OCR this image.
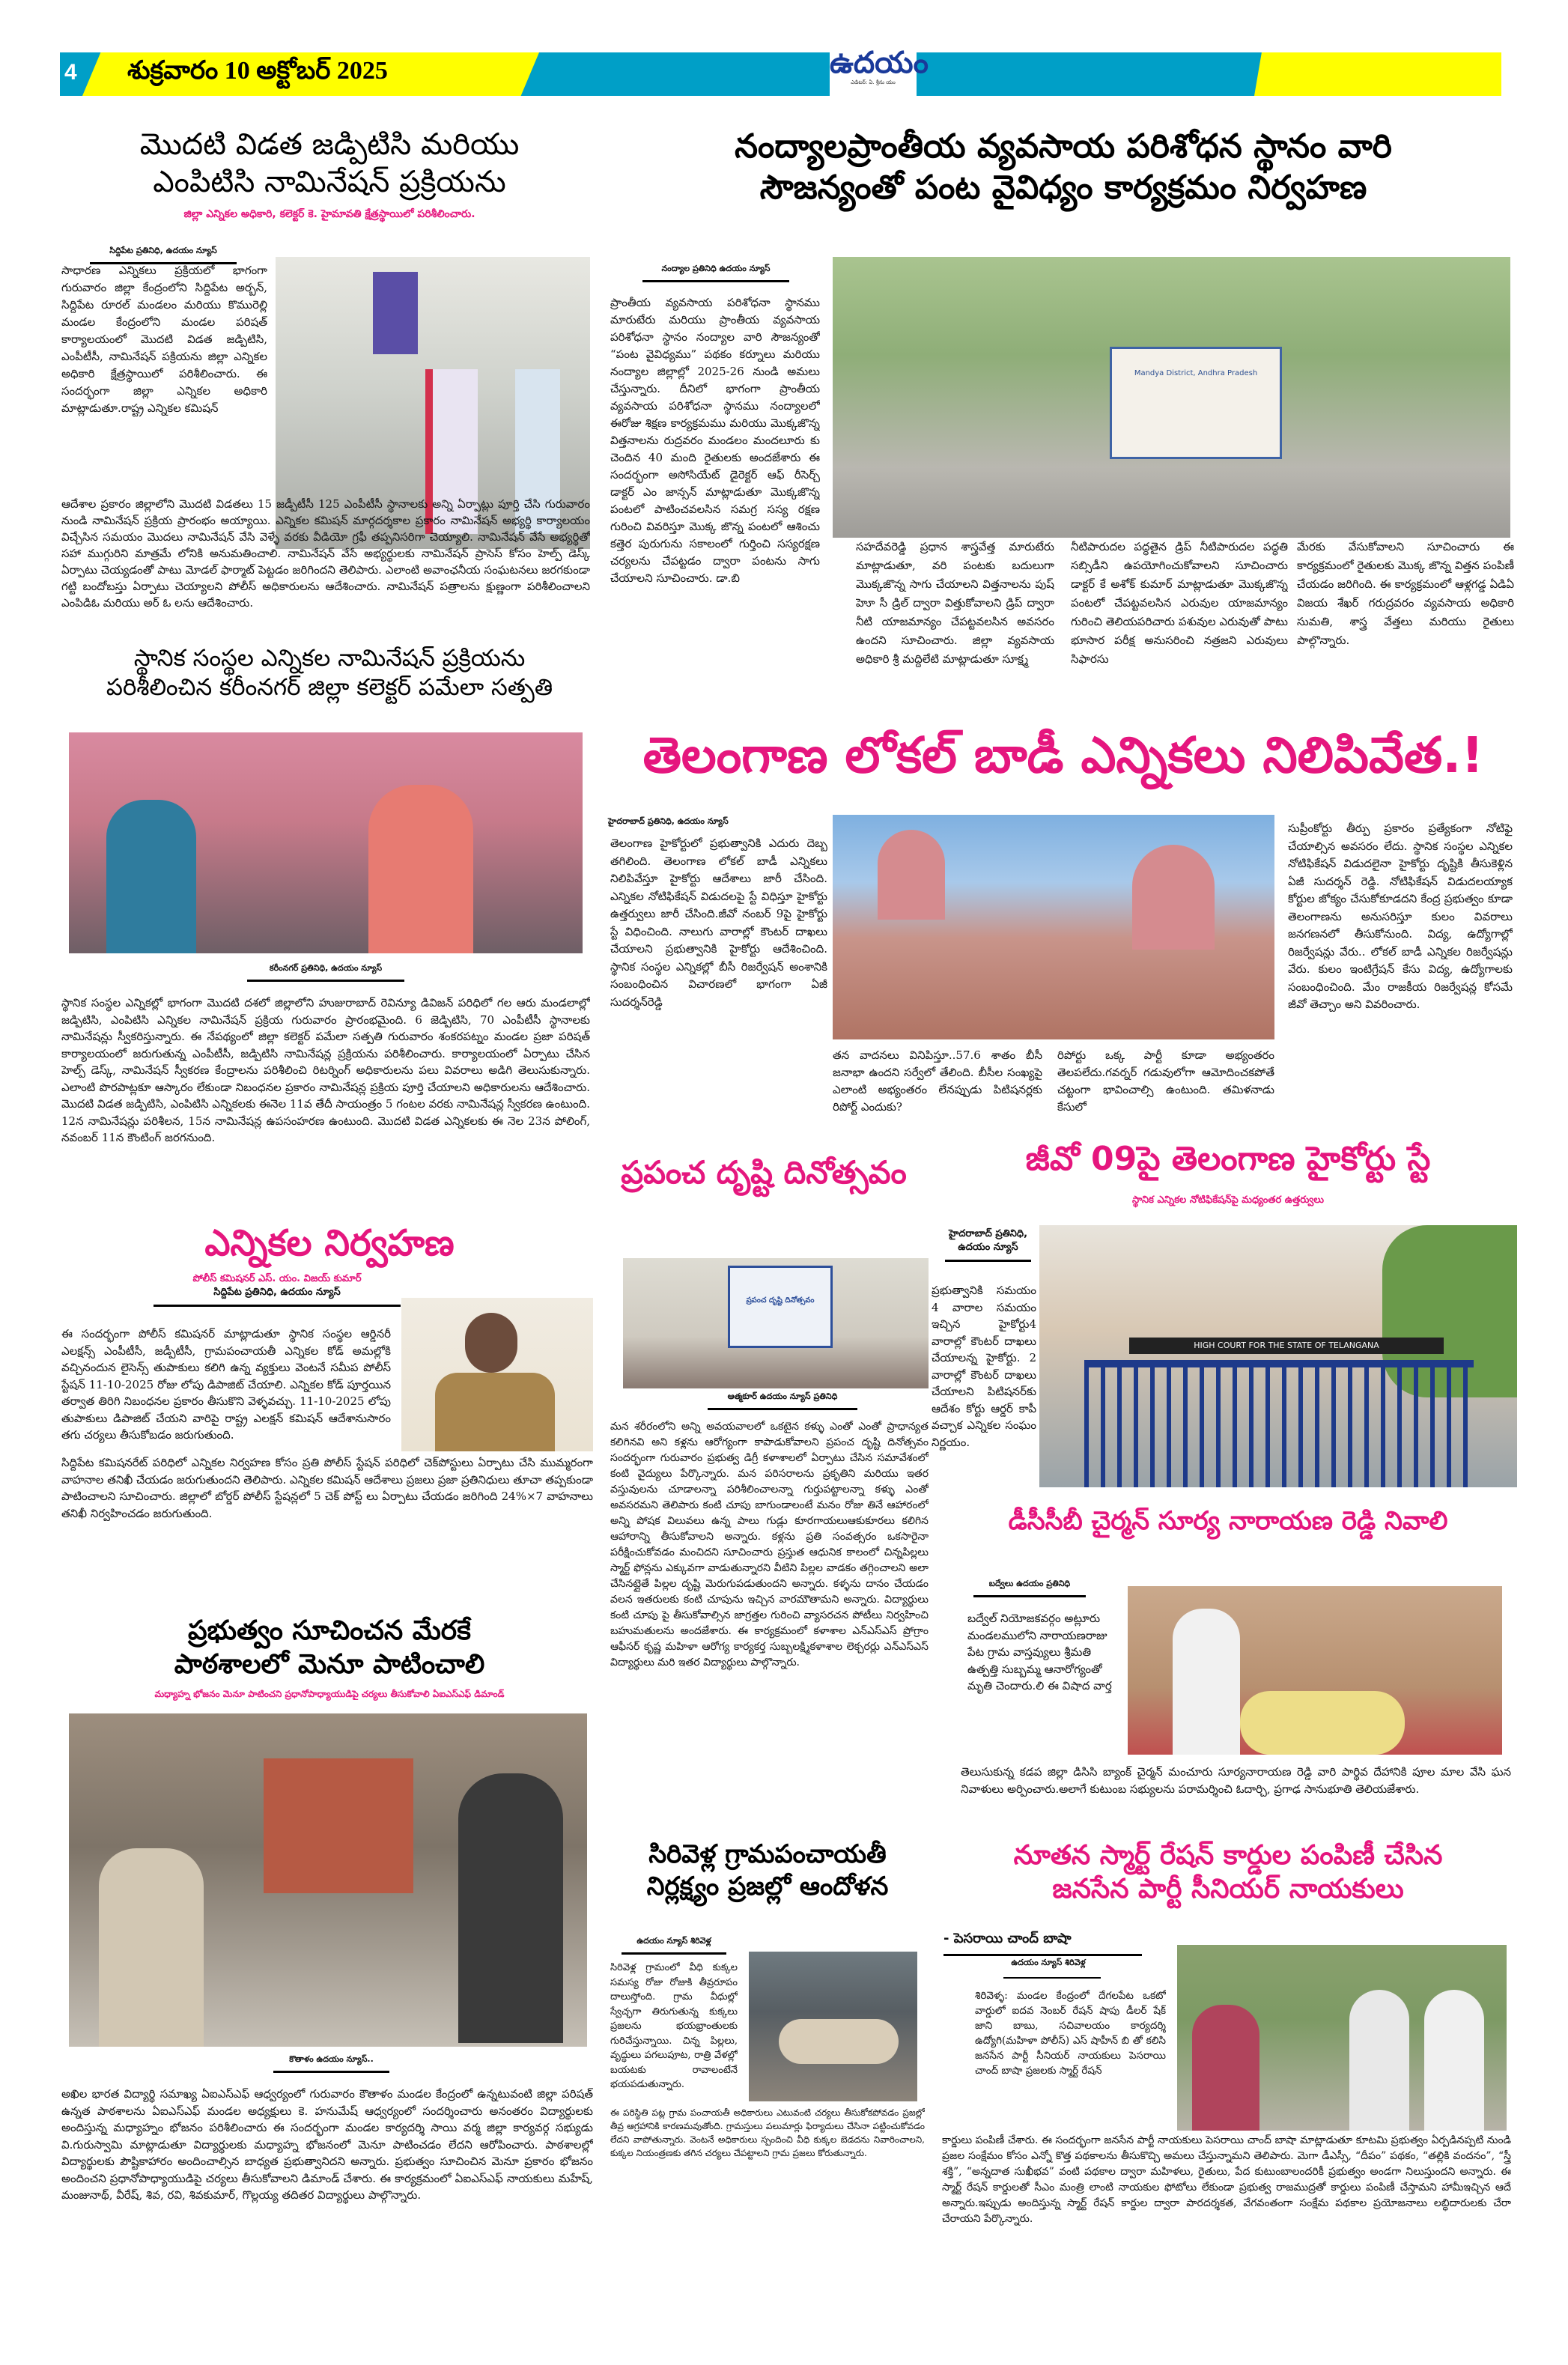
4 శుక్రవారం 10 అక్టోబర్ 2025	ఉదయం
ఎడిటర్: ఏ. శ్రీను యం
మొదటి విడత జడ్పిటిసి మరియు
ఎంపిటిసి నామినేషన్ ప్రక్రియను
జిల్లా ఎన్నికల అధికారి, కలెక్టర్ కె. హైమావతి క్షేత్రస్థాయిలో పరిశీలించారు.
సిద్దిపేట ప్రతినిధి, ఉదయం న్యూస్
సాధారణ ఎన్నికలు ప్రక్రియలో భాగంగా గురువారం జిల్లా కేంద్రంలోని సిద్దిపేట అర్బన్, సిద్దిపేట రూరల్ మండలం మరియు కొమురెల్లి మండల కేంద్రంలోని మండల పరిషత్ కార్యాలయంలో మొదటి విడత జడ్పిటిసి, ఎంపీటీసీ, నామినేషన్ పక్రియను జిల్లా ఎన్నికల అధికారి క్షేత్రస్థాయిలో పరిశీలించారు. ఈ సందర్భంగా జిల్లా ఎన్నికల అధికారి మాట్లాడుతూ.రాష్ట్ర ఎన్నికల కమిషన్
ఆదేశాల ప్రకారం జిల్లాలోని మొదటి విడతలు 15 జడ్పీటీసీ 125 ఎంపీటీసీ స్థానాలకు అన్ని ఏర్పాట్లు పూర్తి చేసి గురువారం నుండి నామినేషన్ ప్రక్రియ ప్రారంభం అయ్యాయి. ఎన్నికల కమిషన్ మార్గదర్శకాల ప్రకారం నామినేషన్ అభ్యర్థి కార్యాలయం విచ్చేసిన సమయం మొదలు నామినేషన్ వేసి వెళ్ళే వరకు వీడియో గ్రఫీ తప్పనిసరిగా చెయ్యాలి. నామినేషన్ వేసే అభ్యర్థితో సహా ముగ్గురిని మాత్రమే లోనికి అనుమతించాలి. నామినేషన్ వేసే అభ్యర్థులకు నామినేషన్ ప్రాసెస్ కోసం హెల్ప్ డెస్క్ ఏర్పాటు చెయ్యడంతో పాటు మోడల్ ఫార్మాట్ పెట్టడం జరిగిందని తెలిపారు. ఎలాంటి అవాంఛనీయ సంఘటనలు జరగకుండా గట్టి బందోబస్తు ఏర్పాటు చెయ్యాలని పోలీస్ అధికారులను ఆదేశించారు. నామినేషన్ పత్రాలను క్షుణ్ణంగా పరిశీలించాలని ఎంపిడిఓ మరియు అర్ ఓ లను ఆదేశించారు.
స్థానిక సంస్థల ఎన్నికల నామినేషన్ ప్రక్రియను
పరిశీలించిన కరీంనగర్ జిల్లా కలెక్టర్ పమేలా సత్పతి
కరీంనగర్ ప్రతినిధి, ఉదయం న్యూస్
స్థానిక సంస్థల ఎన్నికల్లో భాగంగా మొదటి దశలో జిల్లాలోని హుజురాబాద్ రెవిన్యూ డివిజన్ పరిధిలో గల ఆరు మండలాల్లో జడ్పిటిసి, ఎంపిటిసి ఎన్నికల నామినేషన్ ప్రక్రియ గురువారం ప్రారంభమైంది. 6 జెడ్పిటిసి, 70 ఎంపీటీసీ స్థానాలకు నామినేషన్లు స్వీకరిస్తున్నారు. ఈ నేపథ్యంలో జిల్లా కలెక్టర్ పమేలా సత్పతి గురువారం శంకరపట్నం మండల ప్రజా పరిషత్ కార్యాలయంలో జరుగుతున్న ఎంపీటీసీ, జడ్పిటిసి నామినేషన్ల ప్రక్రియను పరిశీలించారు. కార్యాలయంలో ఏర్పాటు చేసిన హెల్ప్ డెస్క్, నామినేషన్ స్వీకరణ కేంద్రాలను పరిశీలించి రిటర్నింగ్ అధికారులను పలు వివరాలు అడిగి తెలుసుకున్నారు. ఎలాంటి పొరపాట్లకూ ఆస్కారం లేకుండా నిబంధనల ప్రకారం నామినేషన్ల ప్రక్రియ పూర్తి చేయాలని అధికారులను ఆదేశించారు. మొదటి విడత జడ్పిటిసి, ఎంపిటిసి ఎన్నికలకు ఈనెల 11వ తేదీ సాయంత్రం 5 గంటల వరకు నామినేషన్ల స్వీకరణ ఉంటుంది. 12న నామినేషన్లు పరిశీలన, 15న నామినేషన్ల ఉపసంహరణ ఉంటుంది. మొదటి విడత ఎన్నికలకు ఈ నెల 23న పోలింగ్, నవంబర్ 11న కౌంటింగ్ జరగనుంది.
నంద్యాలప్రాంతీయ వ్యవసాయ పరిశోధన స్థానం వారి
సౌజన్యంతో పంట వైవిధ్యం కార్యక్రమం నిర్వహణ
నంద్యాల ప్రతినిధి ఉదయం న్యూస్
ప్రాంతీయ వ్యవసాయ పరిశోధనా స్థానము మారుటేరు మరియు ప్రాంతీయ వ్యవసాయ పరిశోధనా స్థానం నంద్యాల వారి సౌజన్యంతో “పంట వైవిధ్యము” పథకం కర్నూలు మరియు నంద్యాల జిల్లాల్లో 2025-26 నుండి అమలు చేస్తున్నారు. దీనిలో భాగంగా ప్రాంతీయ వ్యవసాయ పరిశోధనా స్థానము నంద్యాలలో ఈరోజు శిక్షణ కార్యక్రమము మరియు మొక్కజొన్న విత్తనాలను రుద్రవరం మండలం మందలూరు కు చెందిన 40 మంది రైతులకు అందజేశారు ఈ సందర్భంగా అసోసియేట్ డైరెక్టర్ ఆఫ్ రీసెర్చ్ డాక్టర్ ఎం జాన్సన్ మాట్లాడుతూ మొక్కజొన్న పంటలో పాటించవలసిన సమగ్ర సస్య రక్షణ గురించి వివరిస్తూ మొక్క జొన్న పంటలో ఆశించు కత్తెర పురుగును సకాలంలో గుర్తించి సస్యరక్షణ చర్యలను చేపట్టడం ద్వారా పంటను సాగు చేయాలని సూచించారు. డా.బి
Mandya District, Andhra Pradesh
సహదేవరెడ్డి ప్రధాన శాస్త్రవేత్త మారుటేరు మాట్లాడుతూ, వరి పంటకు బదులుగా మొక్కజొన్న సాగు చేయాలని విత్తనాలను పుష్ హెూ సీ డ్రిల్ ద్వారా విత్తుకోవాలని డ్రిప్ ద్వారా నీటి యాజమాన్యం చేపట్టవలసిన అవసరం ఉందని సూచించారు. జిల్లా వ్యవసాయ అధికారి శ్రీ మద్దిలేటి మాట్లాడుతూ సూక్ష్మ
నీటిపారుదల పద్ధతైన డ్రిప్ నీటిపారుదల పద్ధతి సబ్సిడీని ఉపయోగించుకోవాలని సూచించారు డాక్టర్ కే అశోక్ కుమార్ మాట్లాడుతూ మొక్కజొన్న పంటలో చేపట్టవలసిన ఎరువుల యాజమాన్యం గురించి తెలియపరిచారు పశువుల ఎరువుతో పాటు భూసార పరీక్ష అనుసరించి నత్రజని ఎరువులు సిఫారసు
మేరకు వేసుకోవాలని సూచించారు ఈ కార్యక్రమంలో రైతులకు మొక్క జొన్న విత్తన పంపిణీ చేయడం జరిగింది. ఈ కార్యక్రమంలో ఆళ్లగడ్డ ఏడిఏ విజయ శేఖర్ గరుద్రవరం వ్యవసాయ అధికారి సుమతి, శాస్త్ర వేత్తలు మరియు రైతులు పాల్గొన్నారు.
తెలంగాణ లోకల్ బాడీ ఎన్నికలు నిలిపివేత.!
హైదరాబాద్ ప్రతినిధి, ఉదయం న్యూస్
తెలంగాణ హైకోర్టులో ప్రభుత్వానికి ఎదురు దెబ్బ తగిలింది. తెలంగాణ లోకల్ బాడీ ఎన్నికలు నిలిపివేస్తూ హైకోర్టు ఆదేశాలు జారీ చేసింది. ఎన్నికల నోటిఫికేషన్ విడుదలపై స్టే విధిస్తూ హైకోర్టు ఉత్తర్వులు జారీ చేసింది.జీవో నంబర్ 9పై హైకోర్టు స్టే విధించింది. నాలుగు వారాల్లో కౌంటర్ దాఖలు చేయాలని ప్రభుత్వానికి హైకోర్టు ఆదేశించింది. స్థానిక సంస్థల ఎన్నికల్లో బీసీ రిజర్వేషన్ అంశానికి సంబంధించిన విచారణలో భాగంగా ఏజీ సుదర్శన్‌రెడ్డి
తన వాదనలు వినిపిస్తూ..57.6 శాతం బీసీ జనాభా ఉందని సర్వేలో తేలింది. బీసీల సంఖ్యపై ఎలాంటి అభ్యంతరం లేనప్పుడు పిటిషనర్లకు రిపోర్ట్ ఎందుకు?
రిపోర్టు ఒక్క పార్టీ కూడా అభ్యంతరం తెలపలేదు.గవర్నర్ గడువులోగా ఆమోదించకపోతే చట్టంగా భావించాల్సి ఉంటుంది. తమిళనాడు కేసులో
సుప్రీంకోర్టు తీర్పు ప్రకారం ప్రత్యేకంగా నోటిఫై చేయాల్సిన అవసరం లేదు. స్థానిక సంస్థల ఎన్నికల నోటిఫికేషన్ విడుదలైనా హైకోర్టు దృష్టికి తీసుకెళ్లిన ఏజీ సుదర్శన్ రెడ్డి. నోటిఫికేషన్ విడుదలయ్యాక కోర్టుల జోక్యం చేసుకోకూడదని కేంద్ర ప్రభుత్వం కూడా తెలంగాణను అనుసరిస్తూ కులం వివరాలు జనగణనలో తీసుకోనుంది. విద్య, ఉద్యోగాల్లో రిజర్వేషన్లు వేరు.. లోకల్ బాడీ ఎన్నికల రిజర్వేషన్లు వేరు. కులం ఇంటిగ్రేషన్ కేసు విద్య, ఉద్యోగాలకు సంబంధించింది. మేం రాజకీయ రిజర్వేషన్ల కోసమే జీవో తెచ్చాం అని వివరించారు.
ఎన్నికల నిర్వహణ
పోలీస్ కమిషనర్ ఎస్. యం. విజయ్ కుమార్
సిద్దిపేట ప్రతినిధి, ఉదయం న్యూస్
ఈ సందర్భంగా పోలీస్ కమిషనర్ మాట్లాడుతూ స్థానిక సంస్థల ఆర్డినరీ ఎలక్షన్స్ ఎంపీటీసీ, జడ్పీటీసీ, గ్రామపంచాయతీ ఎన్నికల కోడ్ అమల్లోకి వచ్చినందున లైసెన్స్ తుపాకులు కలిగి ఉన్న వ్యక్తులు వెంటనే సమీప పోలీస్ స్టేషన్ 11-10-2025 రోజు లోపు డిపాజిట్ చేయాలి. ఎన్నికల కోడ్ పూర్తయిన తర్వాత తిరిగి నిబంధనల ప్రకారం తీసుకొని వెళ్ళవచ్చు. 11-10-2025 లోపు తుపాకులు డిపాజిట్ చేయని వారిపై రాష్ట్ర ఎలక్షన్ కమిషన్ ఆదేశానుసారం తగు చర్యలు తీసుకోబడం జరుగుతుంది.
సిద్దిపేట కమిషనరేట్ పరిధిలో ఎన్నికల నిర్వహణ కోసం ప్రతి పోలీస్ స్టేషన్ పరిధిలో చెక్‌పోస్టులు ఏర్పాటు చేసి ముమ్మరంగా వాహనాల తనిఖీ చేయడం జరుగుతుందని తెలిపారు. ఎన్నికల కమిషన్ ఆదేశాలు ప్రజలు ప్రజా ప్రతినిధులు తూచా తప్పకుండా పాటించాలని సూచించారు. జిల్లాలో బోర్డర్ పోలీస్ స్టేషన్లలో 5 చెక్ పోస్ట్ లు ఏర్పాటు చేయడం జరిగింది 24%×7 వాహనాలు తనిఖీ నిర్వహించడం జరుగుతుంది.
ప్రపంచ దృష్టి దినోత్సవం
ప్రపంచ దృష్టి దినోత్సవం
ఆత్మకూర్ ఉదయం న్యూస్ ప్రతినిధి
మన శరీరంలోని అన్ని అవయవాలలో ఒకటైన కళ్ళు ఎంతో ఎంతో ప్రాధాన్యత కలిగినవి అని కళ్లను ఆరోగ్యంగా కాపాడుకోవాలని ప్రపంచ దృష్టి దినోత్సవం సందర్భంగా గురువారం ప్రభుత్వ డిగ్రీ కళాశాలలో ఏర్పాటు చేసిన సమావేశంలో కంటి వైద్యులు పేర్కొన్నారు. మన పరిసరాలను ప్రకృతిని మరియు ఇతర వస్తువులను చూడాలన్నా పరిశీలించాలన్నా గుర్తుపట్టాలన్నా కళ్ళు ఎంతో అవసరమని తెలిపారు కంటి చూపు బాగుండాలంటే మనం రోజు తినే ఆహారంలో అన్ని పోషక విలువలు ఉన్న పాలు గుడ్లు కూరగాయలుఆకుకూరలు కలిగిన ఆహారాన్ని తీసుకోవాలని అన్నారు. కళ్లను ప్రతి సంవత్సరం ఒకసారైనా పరీక్షించుకోవడం మంచిదని సూచించారు ప్రస్తుత ఆధునిక కాలంలో చిన్నపిల్లలు స్మార్ట్ ఫోన్లను ఎక్కువగా వాడుతున్నారని వీటిని పిల్లల వాడకం తగ్గించాలని అలా చేసినట్లైతే పిల్లల దృష్టి మెరుగుపడుతుందని అన్నారు. కళ్ళను దానం చేయడం వలన ఇతరులకు కంటి చూపును ఇచ్చిన వారమౌతామని అన్నారు. విద్యార్థులు కంటి చూపు పై తీసుకోవాల్సిన జాగ్రత్తల గురించి వ్యాసరచన పోటీలు నిర్వహించి బహుమతులను అందజేశారు. ఈ కార్యక్రమంలో కళాశాల ఎన్ఎస్ఎస్ ప్రోగ్రాం ఆఫీసర్ కృష్ణ మహిళా ఆరోగ్య కార్యకర్త సుబ్బలక్ష్మికళాశాల లెక్చరర్లు ఎన్ఎస్ఎస్ విద్యార్థులు మరి ఇతర విద్యార్థులు పాల్గొన్నారు.
జీవో 09పై తెలంగాణ హైకోర్టు స్టే
స్థానిక ఎన్నికల నోటిఫికేషన్‌పై మధ్యంతర ఉత్తర్వులు
హైదరాబాద్ ప్రతినిధి, ఉదయం న్యూస్
ప్రభుత్వానికి సమయం 4 వారాల సమయం ఇచ్చిన హైకోర్టు4 వారాల్లో కౌంటర్ దాఖలు చేయాలన్న హైకోర్టు. 2 వారాల్లో కౌంటర్ దాఖలు చేయాలని పిటిషనర్‌కు ఆదేశం కోర్టు ఆర్డర్ కాపీ వచ్చాక ఎన్నికల సంఘం నిర్ణయం.
HIGH COURT FOR THE STATE OF TELANGANA
డీసీసీబీ చైర్మన్ సూర్య నారాయణ రెడ్డి నివాలి
బద్వేలు ఉదయం ప్రతినిధి
బద్వేల్ నియోజకవర్గం అట్లూరు మండలములోని నారాయణరాజు పేట గ్రామ వాస్తవ్యులు శ్రీమతి ఉత్పత్తి సుబ్బమ్మ ఆనారోగ్యంతో మృతి చెందారు.లి ఈ విషాద వార్త
తెలుసుకున్న కడప జిల్లా డిసిసి బ్యాంక్ చైర్మన్ మంచూరు సూర్యనారాయణ రెడ్డి వారి పార్థివ దేహానికి పూల మాల వేసి ఘన నివాళులు అర్పించారు.అలాగే కుటుంబ సభ్యులను పరామర్శించి ఓదార్చి, ప్రగాఢ సానుభూతి తెలియజేశారు.
ప్రభుత్వం సూచించన మేరకే
పాఠశాలలో మెనూ పాటించాలి
మధ్యాహ్న భోజనం మెనూ పాటించని ప్రధానోపాధ్యాయుడిపై చర్యలు తీసుకోవాలి ఏఐఎస్ఎఫ్ డిమాండ్
కొతాళం ఉదయం న్యూస్..
అఖిల భారత విద్యార్థి సమాఖ్య ఏఐఎస్ఎఫ్ ఆధ్వర్యంలో గురువారం కౌతాళం మండల కేంద్రంలో ఉన్నటువంటి జిల్లా పరిషత్ ఉన్నత పాఠశాలను ఏఐఎస్ఎఫ్ మండల అధ్యక్షులు కె. హనుమేష్ ఆధ్వర్యంలో సందర్శించారు అనంతరం విద్యార్థులకు అందిస్తున్న మధ్యాహ్నం భోజనం పరిశీలించారు ఈ సందర్భంగా మండల కార్యదర్శి సాయి వర్మ జిల్లా కార్యవర్గ సభ్యుడు వి.గురుస్వామి మాట్లాడుతూ విద్యార్థులకు మధ్యాహ్న భోజనంలో మెనూ పాటించడం లేదని ఆరోపించారు. పాఠశాలల్లో విద్యార్థులకు పౌష్టికాహారం అందించాల్సిన బాధ్యత ప్రభుత్వానిదని అన్నారు. ప్రభుత్వం సూచించిన మెనూ ప్రకారం భోజనం అందించని ప్రధానోపాధ్యాయుడిపై చర్యలు తీసుకోవాలని డిమాండ్ చేశారు. ఈ కార్యక్రమంలో ఏఐఎస్ఎఫ్ నాయకులు మహేష్, మంజునాథ్, వీరేష్, శివ, రవి, శివకుమార్, గొల్లయ్య తదితర విద్యార్థులు పాల్గొన్నారు.
సిరివెళ్ల గ్రామపంచాయతీ
నిర్లక్ష్యం ప్రజల్లో ఆందోళన
ఉదయం న్యూస్ శిరివెళ్ల
సిరివెళ్ల గ్రామంలో వీధి కుక్కల సమస్య రోజు రోజుకి తీవ్రరూపం దాలుస్తోంది. గ్రామ వీధుల్లో స్వేచ్ఛగా తిరుగుతున్న కుక్కలు ప్రజలను భయభ్రాంతులకు గురిచేస్తున్నాయి. చిన్న పిల్లలు, వృద్ధులు పగలుపూట, రాత్రి వేళల్లో బయటకు రావాలంటేనే భయపడుతున్నారు.
ఈ పరిస్థితి పట్ల గ్రామ పంచాయతీ అధికారులు ఎటువంటి చర్యలు తీసుకోకపోవడం ప్రజల్లో తీవ్ర ఆగ్రహానికి కారణమవుతోంది. గ్రామస్తులు పలుమార్లు ఫిర్యాదులు చేసినా పట్టించుకోవడం లేదని వాపోతున్నారు. వెంటనే అధికారులు స్పందించి వీధి కుక్కల బెడదను నివారించాలని, కుక్కల నియంత్రణకు తగిన చర్యలు చేపట్టాలని గ్రామ ప్రజలు కోరుతున్నారు.
నూతన స్మార్ట్ రేషన్ కార్డుల పంపిణీ చేసిన
జనసేన పార్టీ సీనియర్ నాయకులు
- పెసరాయి చాంద్ బాషా
ఉదయం న్యూస్ శిరివెళ్ల
శిరివెళ్ళ: మండల కేంద్రంలో దేగలపేట ఒకటో వార్డులో ఐదవ నెంబర్ రేషన్ షాపు డీలర్ షేక్ జాని బాబు, సచివాలయం కార్యదర్శి ఉద్యోగి(మహిళా పోలీస్) ఎస్ షాహీన్ బి తో కలిసి జనసేన పార్టీ సీనియర్ నాయకులు పెసరాయి చాంద్ బాషా ప్రజలకు స్మార్ట్ రేషన్
కార్డులు పంపిణీ చేశారు. ఈ సందర్భంగా జనసేన పార్టీ నాయకులు పెసరాయి చాంద్ బాషా మాట్లాడుతూ కూటమి ప్రభుత్వం ఏర్పడినప్పటి నుండి ప్రజల సంక్షేమం కోసం ఎన్నో కొత్త పథకాలను తీసుకొచ్చి అమలు చేస్తున్నామని తెలిపారు. మెగా డీఎస్సీ, “దీపం” పథకం, “తల్లికి వందనం”, “స్త్రీ శక్తి”, “అన్నదాత సుఖీభవ” వంటి పథకాల ద్వారా మహిళలు, రైతులు, పేద కుటుంబాలందరికీ ప్రభుత్వం అండగా నిలుస్తుందని అన్నారు. ఈ స్మార్ట్ రేషన్ కార్డులతో సీఎం మంత్రి లాంటి నాయకుల ఫోటోలు లేకుండా ప్రభుత్వ రాజముద్రతో కార్డులు పంపిణీ చేస్తామని హామీఇచ్చిన ఆదే అన్నారు.ఇప్పుడు అందిస్తున్న స్మార్ట్ రేషన్ కార్డుల ద్వారా పారదర్శకత, వేగవంతంగా సంక్షేమ పథకాల ప్రయోజనాలు లబ్ధిదారులకు చేరా చేరాయని పేర్కొన్నారు.
